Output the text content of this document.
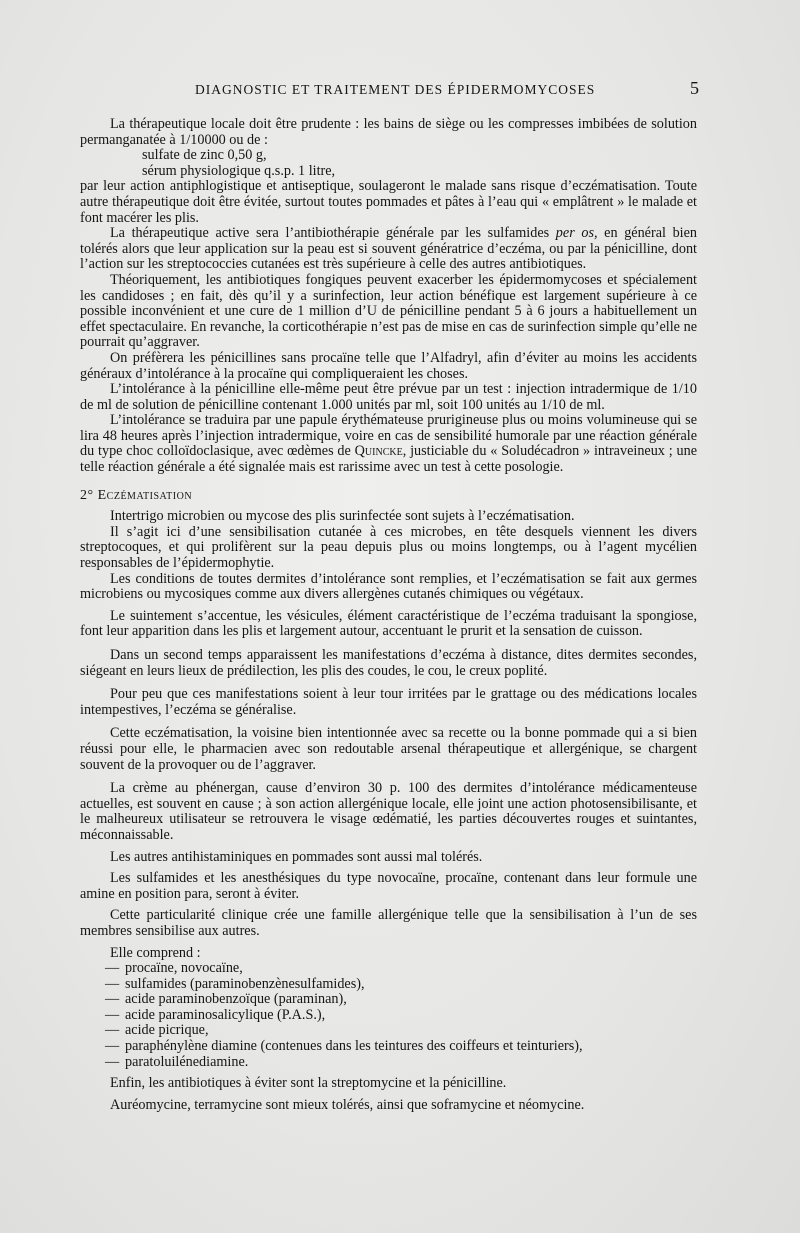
DIAGNOSTIC ET TRAITEMENT DES ÉPIDERMOMYCOSES	5

La thérapeutique locale doit être prudente : les bains de siège ou les compresses imbibées de solution permanganatée à 1/10000 ou de :

sulfate de zinc 0,50 g,

sérum physiologique q.s.p. 1 litre,

par leur action antiphlogistique et antiseptique, soulageront le malade sans risque d’eczématisation. Toute autre thérapeutique doit être évitée, surtout toutes pommades et pâtes à l’eau qui « emplâtrent » le malade et font macérer les plis.

La thérapeutique active sera l’antibiothérapie générale par les sulfamides per os, en général bien tolérés alors que leur application sur la peau est si souvent génératrice d’eczéma, ou par la pénicilline, dont l’action sur les streptococcies cutanées est très supérieure à celle des autres antibiotiques.

Théoriquement, les antibiotiques fongiques peuvent exacerber les épidermomycoses et spécialement les candidoses ; en fait, dès qu’il y a surinfection, leur action bénéfique est largement supérieure à ce possible inconvénient et une cure de 1 million d’U de pénicilline pendant 5 à 6 jours a habituellement un effet spectaculaire. En revanche, la corticothérapie n’est pas de mise en cas de surinfection simple qu’elle ne pourrait qu’aggraver.

On préfèrera les pénicillines sans procaïne telle que l’Alfadryl, afin d’éviter au moins les accidents généraux d’intolérance à la procaïne qui compliqueraient les choses.

L’intolérance à la pénicilline elle-même peut être prévue par un test : injection intradermique de 1/10 de ml de solution de pénicilline contenant 1.000 unités par ml, soit 100 unités au 1/10 de ml.

L’intolérance se traduira par une papule érythémateuse prurigineuse plus ou moins volumineuse qui se lira 48 heures après l’injection intradermique, voire en cas de sensibilité humorale par une réaction générale du type choc colloïdoclasique, avec œdèmes de Quincke, justiciable du « Soludécadron » intraveineux ; une telle réaction générale a été signalée mais est rarissime avec un test à cette posologie.

2° Eczématisation

Intertrigo microbien ou mycose des plis surinfectée sont sujets à l’eczématisation.

Il s’agit ici d’une sensibilisation cutanée à ces microbes, en tête desquels viennent les divers streptocoques, et qui prolifèrent sur la peau depuis plus ou moins longtemps, ou à l’agent mycélien responsables de l’épidermophytie.

Les conditions de toutes dermites d’intolérance sont remplies, et l’eczématisation se fait aux germes microbiens ou mycosiques comme aux divers allergènes cutanés chimiques ou végétaux.

Le suintement s’accentue, les vésicules, élément caractéristique de l’eczéma traduisant la spongiose, font leur apparition dans les plis et largement autour, accentuant le prurit et la sensation de cuisson.

Dans un second temps apparaissent les manifestations d’eczéma à distance, dites dermites secondes, siégeant en leurs lieux de prédilection, les plis des coudes, le cou, le creux poplité.

Pour peu que ces manifestations soient à leur tour irritées par le grattage ou des médications locales intempestives, l’eczéma se généralise.

Cette eczématisation, la voisine bien intentionnée avec sa recette ou la bonne pommade qui a si bien réussi pour elle, le pharmacien avec son redoutable arsenal thérapeutique et allergénique, se chargent souvent de la provoquer ou de l’aggraver.

La crème au phénergan, cause d’environ 30 p. 100 des dermites d’intolérance médicamenteuse actuelles, est souvent en cause ; à son action allergénique locale, elle joint une action photosensibilisante, et le malheureux utilisateur se retrouvera le visage œdématié, les parties découvertes rouges et suintantes, méconnaissable.

Les autres antihistaminiques en pommades sont aussi mal tolérés.

Les sulfamides et les anesthésiques du type novocaïne, procaïne, contenant dans leur formule une amine en position para, seront à éviter.

Cette particularité clinique crée une famille allergénique telle que la sensibilisation à l’un de ses membres sensibilise aux autres.

Elle comprend :

— procaïne, novocaïne,
— sulfamides (paraminobenzènesulfamides),
— acide paraminobenzoïque (paraminan),
— acide paraminosalicylique (P.A.S.),
— acide picrique,
— paraphénylène diamine (contenues dans les teintures des coiffeurs et teinturiers),
— paratoluilénediamine.

Enfin, les antibiotiques à éviter sont la streptomycine et la pénicilline.

Auréomycine, terramycine sont mieux tolérés, ainsi que soframycine et néomycine.
